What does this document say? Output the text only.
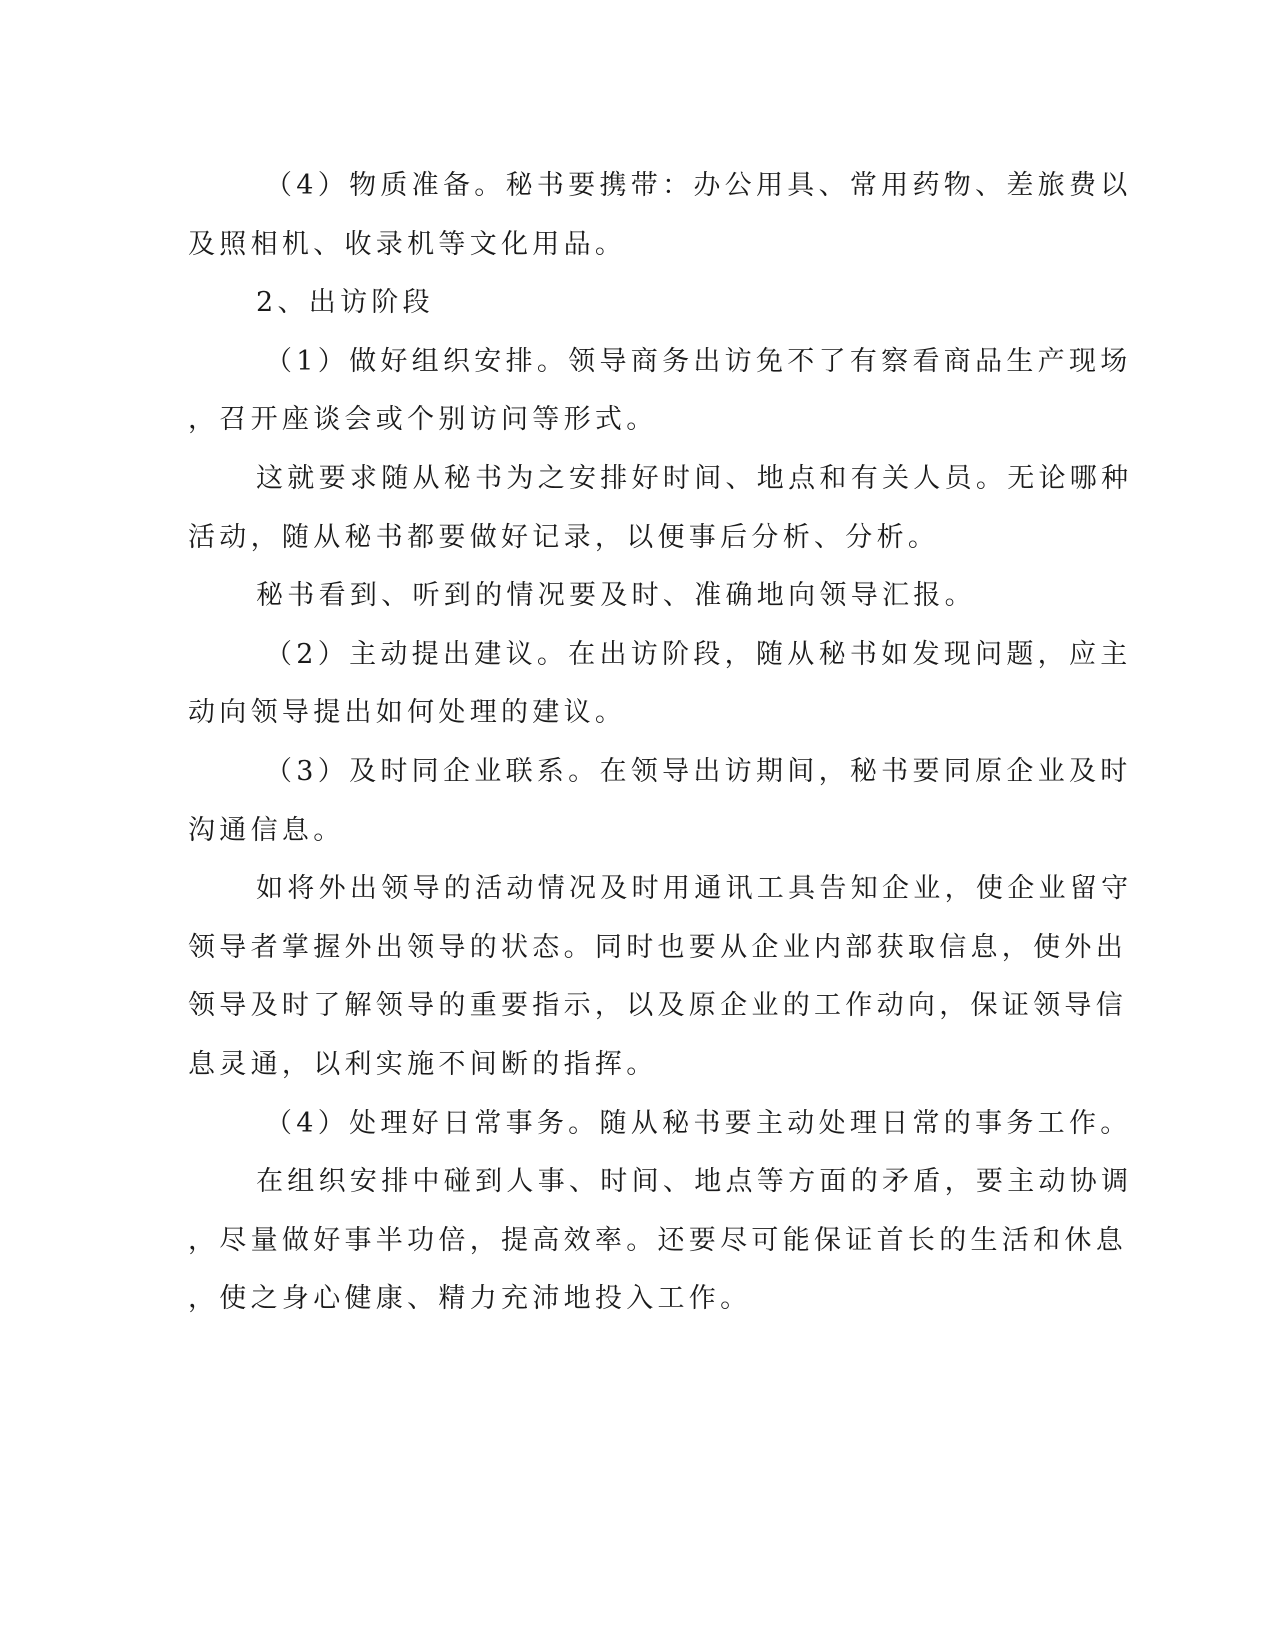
（4）物质准备。秘书要携带：办公用具、常用药物、差旅费以
及照相机、收录机等文化用品。
2、出访阶段
（1）做好组织安排。领导商务出访免不了有察看商品生产现场
，召开座谈会或个别访问等形式。
这就要求随从秘书为之安排好时间、地点和有关人员。无论哪种
活动，随从秘书都要做好记录，以便事后分析、分析。
秘书看到、听到的情况要及时、准确地向领导汇报。
（2）主动提出建议。在出访阶段，随从秘书如发现问题，应主
动向领导提出如何处理的建议。
（3）及时同企业联系。在领导出访期间，秘书要同原企业及时
沟通信息。
如将外出领导的活动情况及时用通讯工具告知企业，使企业留守
领导者掌握外出领导的状态。同时也要从企业内部获取信息，使外出
领导及时了解领导的重要指示，以及原企业的工作动向，保证领导信
息灵通，以利实施不间断的指挥。
（4）处理好日常事务。随从秘书要主动处理日常的事务工作。
在组织安排中碰到人事、时间、地点等方面的矛盾，要主动协调
，尽量做好事半功倍，提高效率。还要尽可能保证首长的生活和休息
，使之身心健康、精力充沛地投入工作。
